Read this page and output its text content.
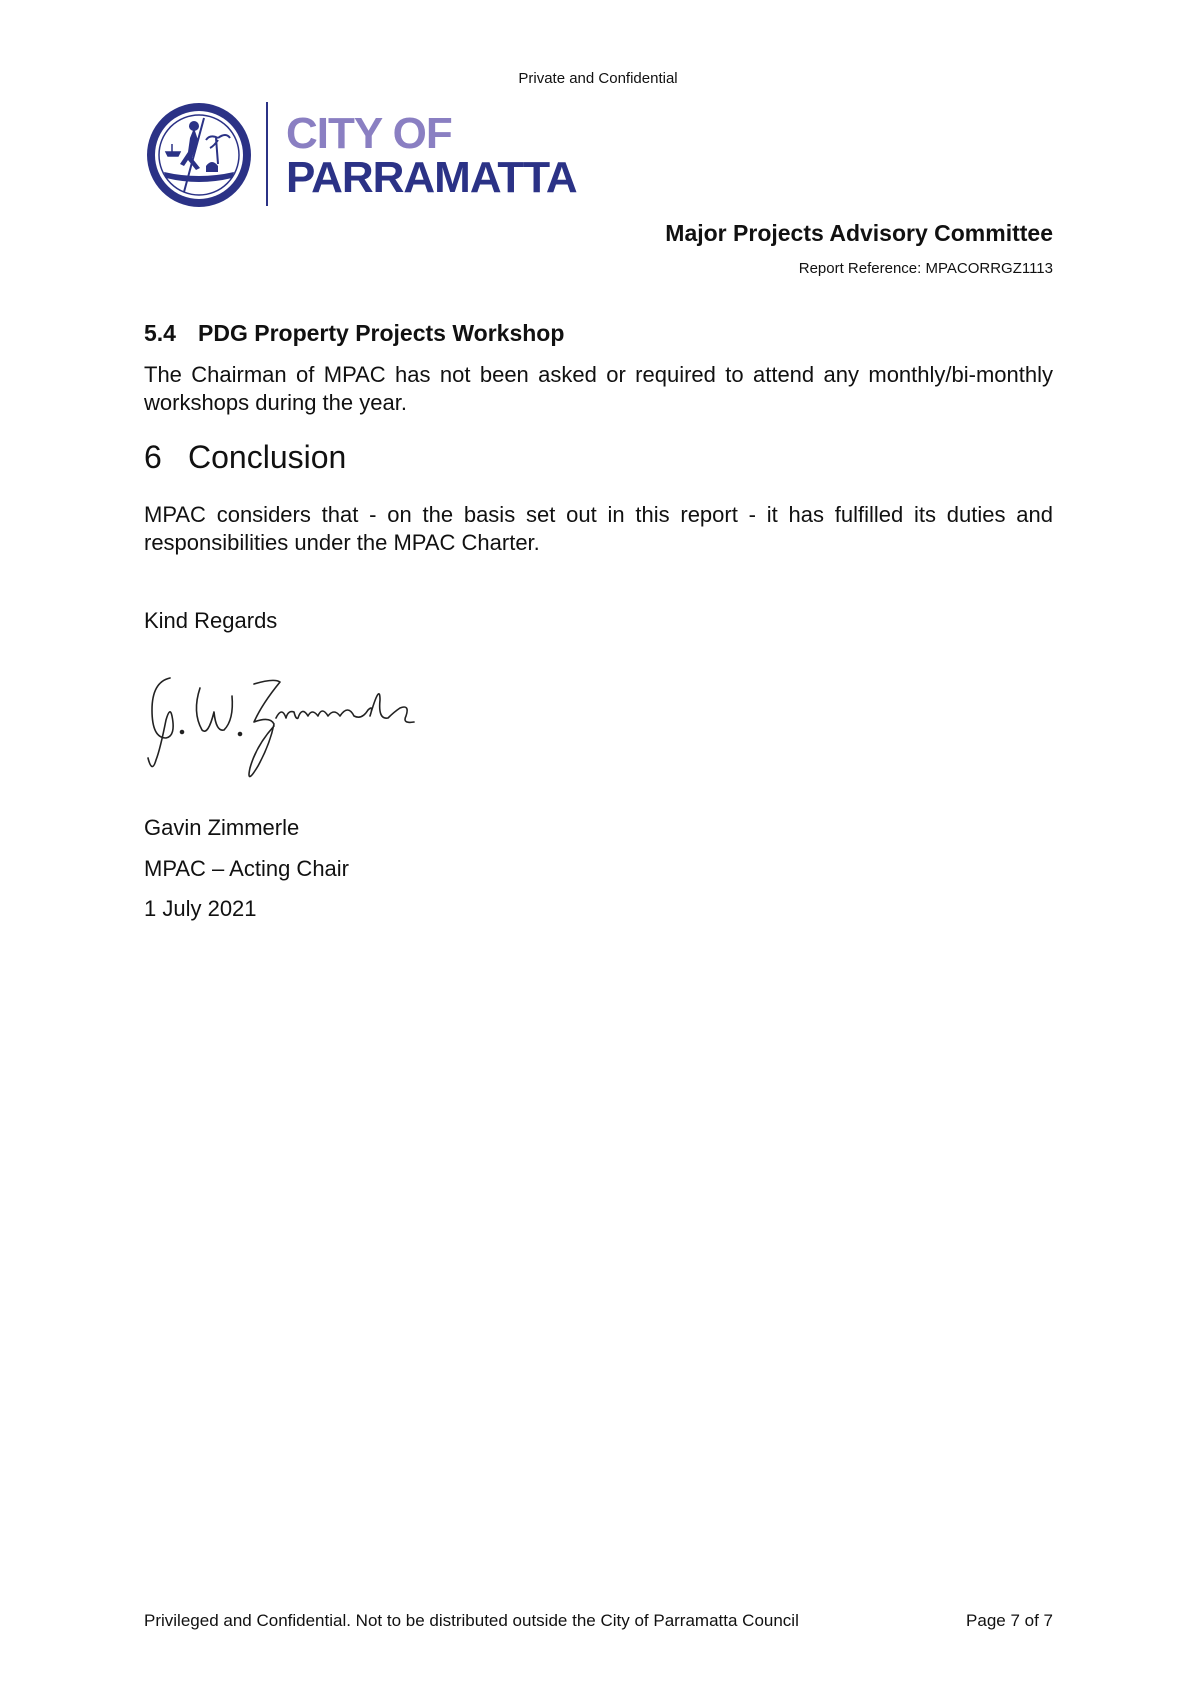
Private and Confidential
CITY OF
PARRAMATTA
Major Projects Advisory Committee
Report Reference: MPACORRGZ1113
5.4 PDG Property Projects Workshop
The Chairman of MPAC has not been asked or required to attend any monthly/bi-monthly workshops during the year.
6 Conclusion
MPAC considers that - on the basis set out in this report - it has fulfilled its duties and responsibilities under the MPAC Charter.
Kind Regards
Gavin Zimmerle
MPAC – Acting Chair
1 July 2021
Privileged and Confidential. Not to be distributed outside the City of Parramatta Council	Page 7 of 7
